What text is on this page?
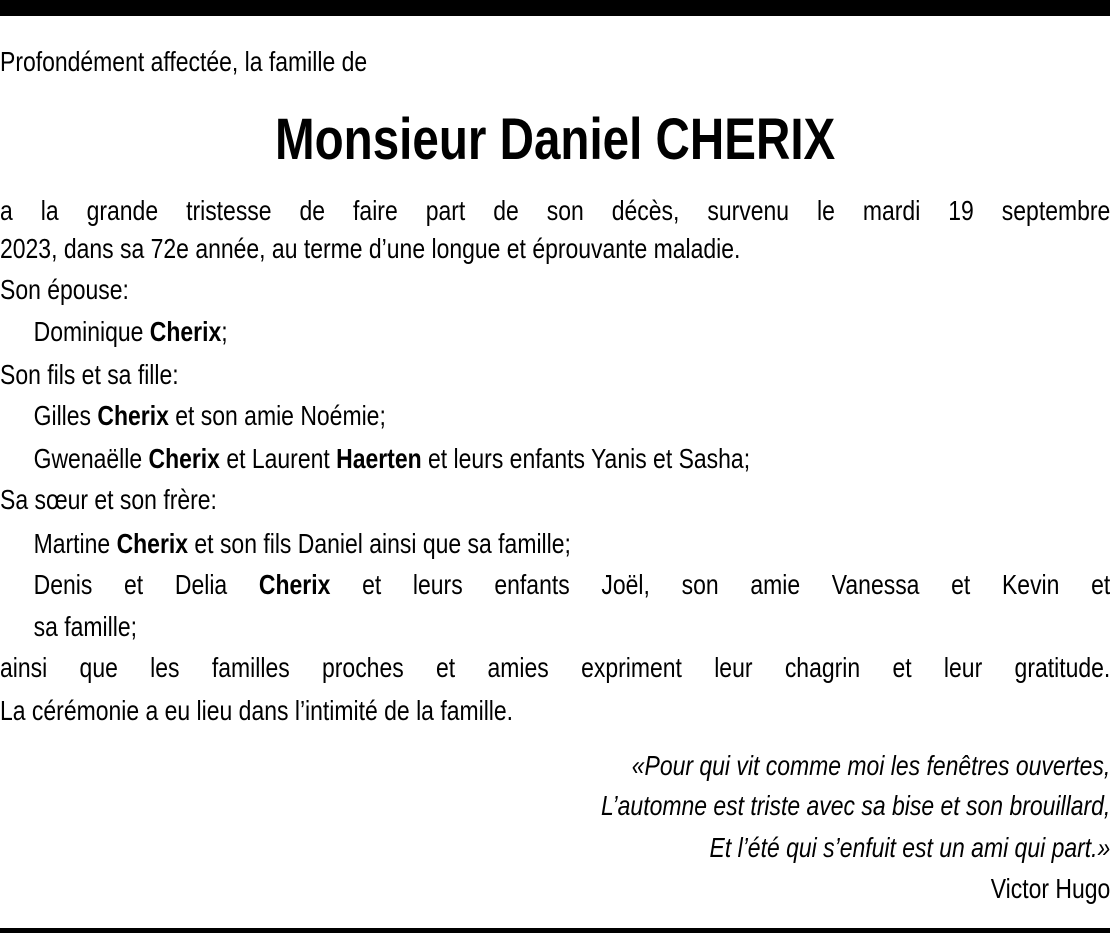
Profondément affectée, la famille de
Monsieur Daniel CHERIX
a la grande tristesse de faire part de son décès, survenu le mardi 19 septembre
2023, dans sa 72e année, au terme d’une longue et éprouvante maladie.
Son épouse:
Dominique Cherix;
Son fils et sa fille:
Gilles Cherix et son amie Noémie;
Gwenaëlle Cherix et Laurent Haerten et leurs enfants Yanis et Sasha;
Sa sœur et son frère:
Martine Cherix et son fils Daniel ainsi que sa famille;
Denis et Delia Cherix et leurs enfants Joël, son amie Vanessa et Kevin et
sa famille;
ainsi que les familles proches et amies expriment leur chagrin et leur gratitude.
La cérémonie a eu lieu dans l’intimité de la famille.
«Pour qui vit comme moi les fenêtres ouvertes,
L’automne est triste avec sa bise et son brouillard,
Et l’été qui s’enfuit est un ami qui part.»
Victor Hugo
